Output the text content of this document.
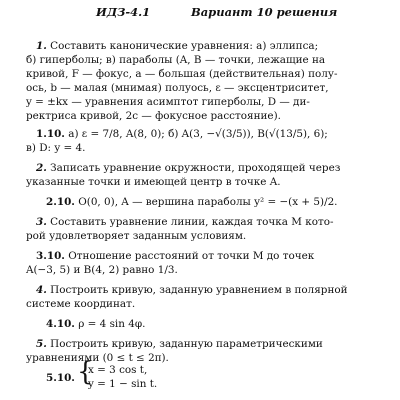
ИДЗ-4.1	Вариант 10 решения
1. Составить канонические уравнения: а) эллипса;
б) гиперболы; в) параболы (A, B — точки, лежащие на
кривой, F — фокус, a — большая (действительная) полу-
ось, b — малая (мнимая) полуось, ε — эксцентриситет,
y = ±kx — уравнения асимптот гиперболы, D — ди-
ректриса кривой, 2c — фокусное расстояние).
1.10. а) ε = 7/8, A(8, 0); б) A(3, −√(3/5)), B(√(13/5), 6);
в) D: y = 4.
2. Записать уравнение окружности, проходящей через
указанные точки и имеющей центр в точке A.
2.10. O(0, 0), A — вершина параболы y² = −(x + 5)/2.
3. Составить уравнение линии, каждая точка M кото-
рой удовлетворяет заданным условиям.
3.10. Отношение расстояний от точки M до точек
A(−3, 5) и B(4, 2) равно 1/3.
4. Построить кривую, заданную уравнением в полярной
системе координат.
4.10. ρ = 4 sin 4φ.
5. Построить кривую, заданную параметрическими
уравнениями (0 ≤ t ≤ 2π).
5.10. {
x = 3 cos t,
y = 1 − sin t.
